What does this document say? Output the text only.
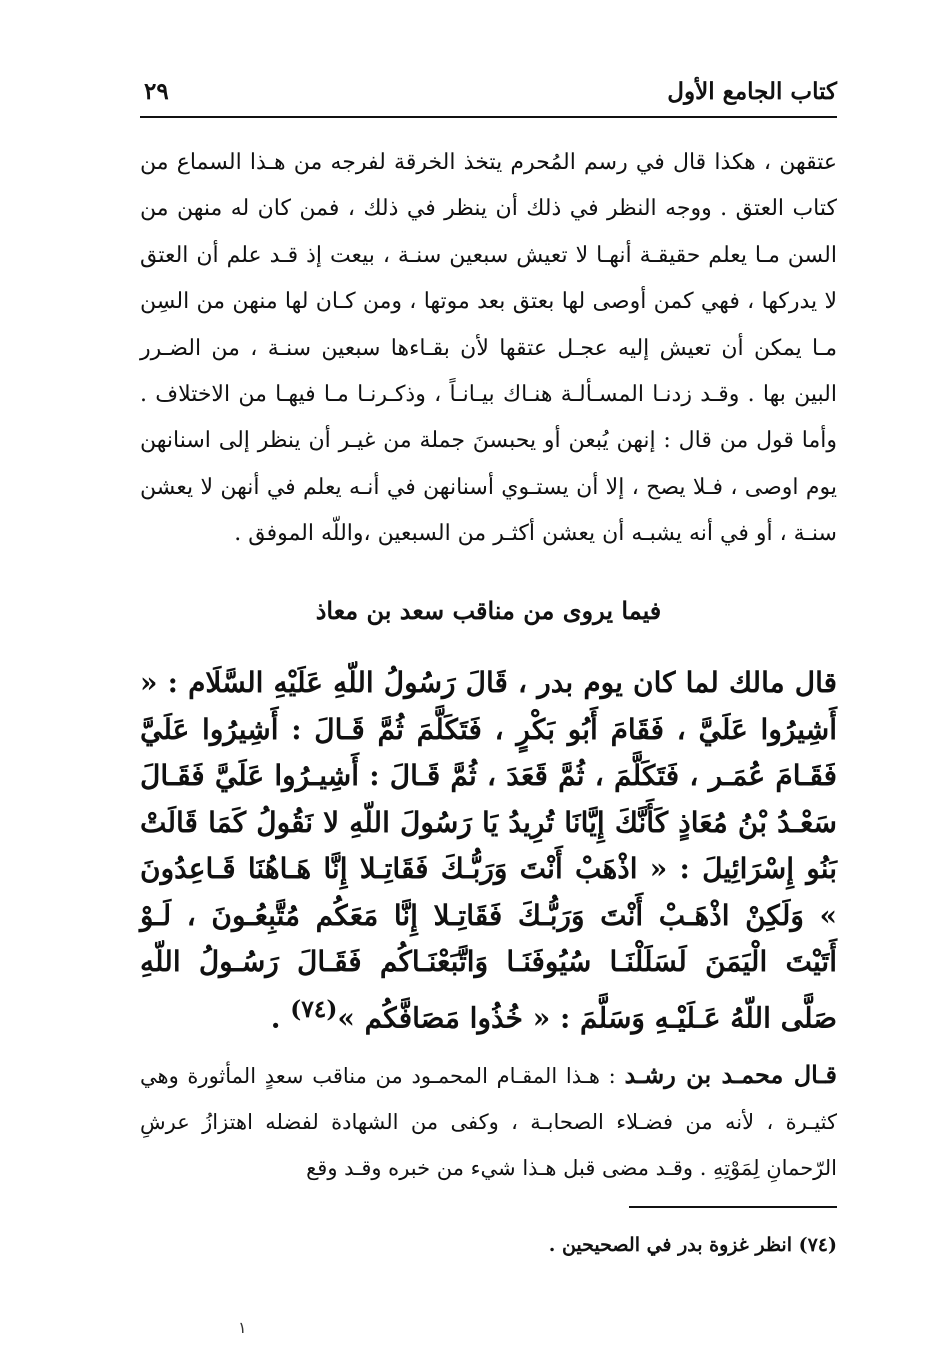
كتاب الجامع الأول
٢٩

عتقهن ، هكذا قال في رسم المُحرم يتخذ الخرقة لفرجه من هـذا السماع من كتاب العتق . ووجه النظر في ذلك أن ينظر في ذلك ، فمن كان له منهن من السن مـا يعلم حقيقـة أنهـا لا تعيش سبعين سنـة ، بيعت إذ قـد علم أن العتق لا يدركها ، فهي كمن أوصى لها بعتق بعد موتها ، ومن كـان لها منهن من السِن مـا يمكن أن تعيش إليه عجـل عتقها لأن بقـاءها سبعين سنـة ، من الضـرر البين بها . وقـد زدنـا المسـألـة هنـاك بيـانـاً ، وذكـرنـا مـا فيهـا من الاختلاف . وأما قول من قال : إنهن يُبعن أو يحبسنَ جملة من غيـر أن ينظر إلى اسنانهن يوم اوصى ، فـلا يصح ، إلا أن يستـوي أسنانهن في أنـه يعلم في أنهن لا يعشن سنـة ، أو في أنه يشبـه أن يعشن أكثـر من السبعين ،واللّه الموفق .

فيما يروى من مناقب سعد بن معاذ

قال مالك لما كان يوم بدر ، قَالَ رَسُولُ اللّهِ عَلَيْهِ السَّلَام : « أَشِيرُوا عَلَيَّ ، فَقَامَ أَبُو بَكْرٍ ، فَتَكَلَّمَ ثُمَّ قَـالَ : أَشِيرُوا عَلَيَّ فَقَـامَ عُمَـر ، فَتَكَلَّمَ ، ثُمَّ قَعَدَ ، ثُمَّ قَـالَ : أَشِيـرُوا عَلَيَّ فَقَـالَ سَعْـدُ بْنُ مُعَاذٍ كَأَنَّكَ إِيَّانَا تُرِيدُ يَا رَسُولَ اللّهِ لا نَقُولُ كَمَا قَالَتْ بَنُو إِسْرَائِيلَ : « اذْهَبْ أَنْتَ وَرَبُّـكَ فَقَاتِـلا إِنَّا هَـاهُنَا قَـاعِدُونَ » وَلَكِنْ اذْهَـبْ أَنْتَ وَرَبُّـكَ فَقَاتِـلا إِنَّا مَعَكُم مُتَّبِعُـونَ ، لَـوْ أَتَيْتَ الْيَمَنَ لَسَلَلْنَـا سُيُوفَنَـا وَاتَّبَعْنَـاكُم فَقَـالَ رَسُـولُ اللّهِ صَلَّى اللّهُ عَـلَيْـهِ وَسَلَّمَ : « خُذُوا مَصَافَّكُم »$^{(٧٤)}$ .

قـال محمـد بن رشـد : هـذا المقـام المحمـود من مناقب سعدٍ المأثورة وهي كثيـرة ، لأنه من فضـلاء الصحابـة ، وكفى من الشهادة لفضله اهتزازُ عرشِ الرّحمانِ لِمَوْتِهِ . وقـد مضى قبل هـذا شيء من خبره وقـد وقع

(٧٤) انظر غزوة بدر في الصحيحين .

١
